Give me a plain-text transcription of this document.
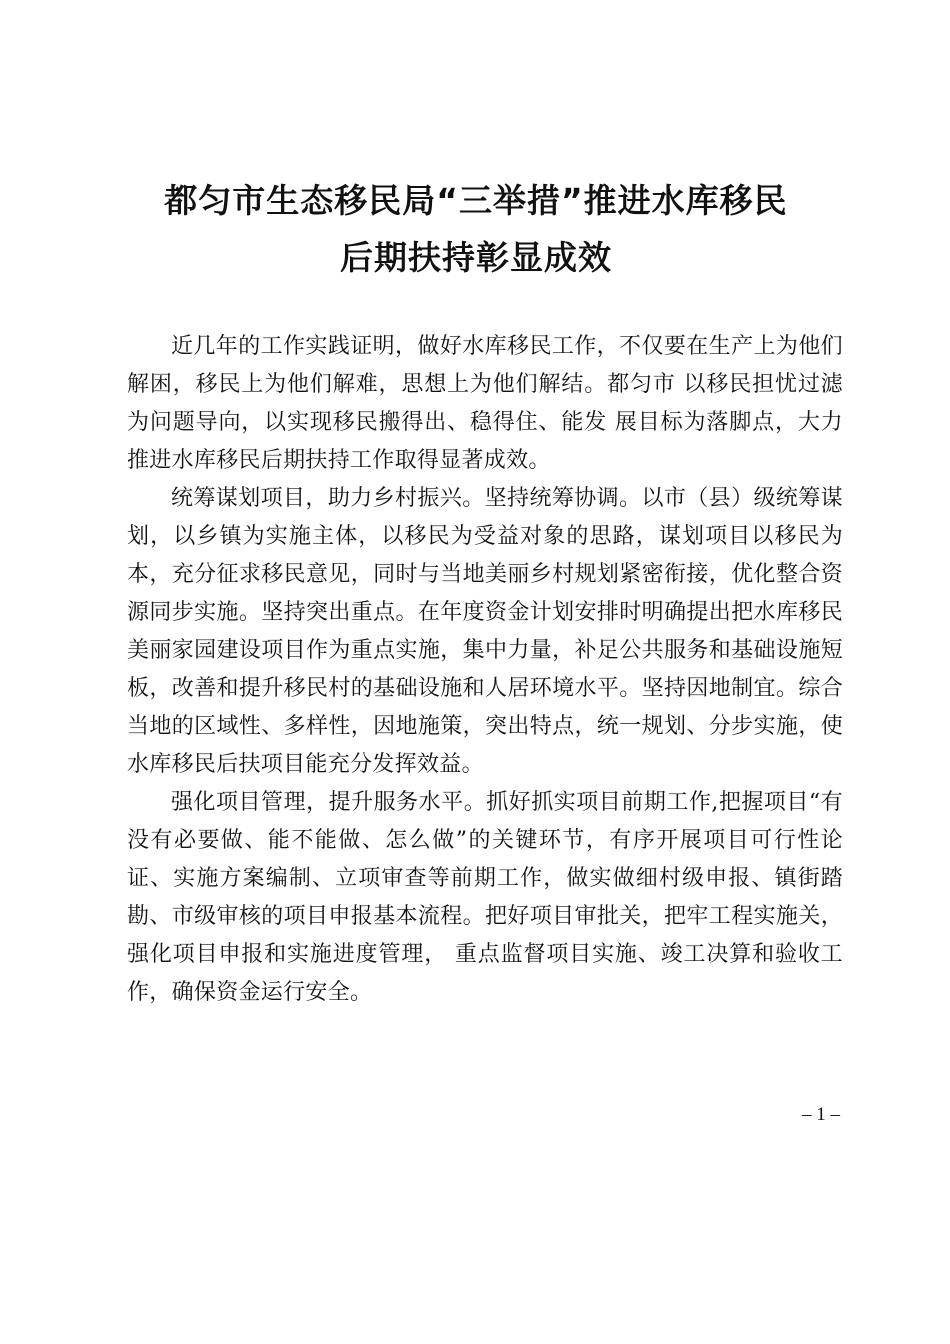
都匀市生态移民局“三举措”推进水库移民
后期扶持彰显成效

近几年的工作实践证明，做好水库移民工作，不仅要在生产上为他们解困，移民上为他们解难，思想上为他们解结。都匀市 以移民担忧过滤为问题导向，以实现移民搬得出、稳得住、能发 展目标为落脚点，大力推进水库移民后期扶持工作取得显著成效。

统筹谋划项目，助力乡村振兴。坚持统筹协调。以市（县）级统筹谋划，以乡镇为实施主体，以移民为受益对象的思路，谋划项目以移民为本，充分征求移民意见，同时与当地美丽乡村规划紧密衔接，优化整合资源同步实施。坚持突出重点。在年度资金计划安排时明确提出把水库移民美丽家园建设项目作为重点实施，集中力量，补足公共服务和基础设施短板，改善和提升移民村的基础设施和人居环境水平。坚持因地制宜。综合当地的区域性、多样性，因地施策，突出特点，统一规划、分步实施，使水库移民后扶项目能充分发挥效益。

强化项目管理，提升服务水平。抓好抓实项目前期工作,把握项目“有没有必要做、能不能做、怎么做”的关键环节，有序开展项目可行性论证、实施方案编制、立项审查等前期工作，做实做细村级申报、镇街踏勘、市级审核的项目申报基本流程。把好项目审批关，把牢工程实施关，强化项目申报和实施进度管理， 重点监督项目实施、竣工决算和验收工作，确保资金运行安全。

– 1 –
